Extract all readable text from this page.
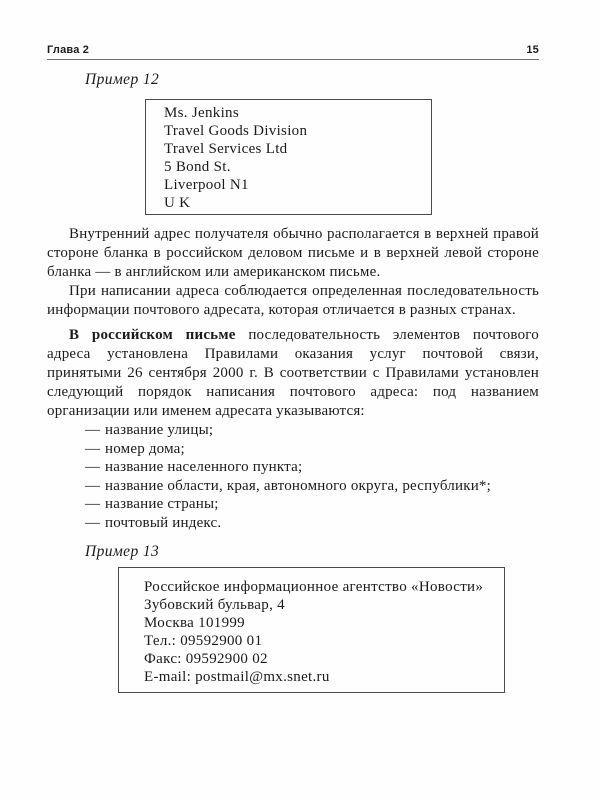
Глава 2	15
Пример 12
Ms. Jenkins
Travel Goods Division
Travel Services Ltd
5 Bond St.
Liverpool N1
U K

Внутренний адрес получателя обычно располагается в верхней правой стороне бланка в российском деловом письме и в верхней левой стороне бланка — в английском или американском письме.

При написании адреса соблюдается определенная последовательность информации почтового адресата, которая отличается в разных странах.

В российском письме последовательность элементов почтового адреса установлена Правилами оказания услуг почтовой связи, принятыми 26 сентября 2000 г. В соответствии с Правилами установлен следующий порядок написания почтового адреса: под названием организации или именем адресата указываются:

— название улицы;
— номер дома;
— название населенного пункта;
— название области, края, автономного округа, республики*;
— название страны;
— почтовый индекс.
Пример 13
Российское информационное агентство «Новости»
Зубовский бульвар, 4
Москва 101999
Тел.: 09592900 01
Факс: 09592900 02
E-mail: postmail@mx.snet.ru
